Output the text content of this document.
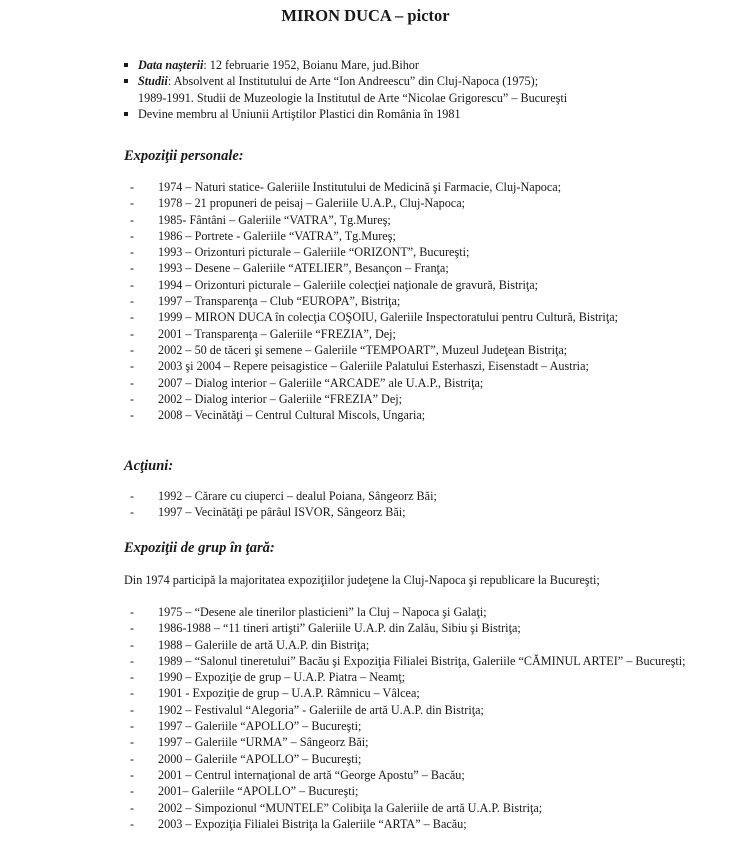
MIRON DUCA – pictor
Data naşterii: 12 februarie 1952, Boianu Mare, jud.Bihor
Studii: Absolvent al Institutului de Arte “Ion Andreescu” din Cluj-Napoca (1975);
1989-1991. Studii de Muzeologie la Institutul de Arte “Nicolae Grigorescu” – Bucureşti
Devine membru al Uniunii Artiştilor Plastici din România în 1981
Expoziţii personale:
- 1974 – Naturi statice- Galeriile Institutului de Medicină şi Farmacie, Cluj-Napoca;
- 1978 – 21 propuneri de peisaj – Galeriile U.A.P., Cluj-Napoca;
- 1985- Fântâni – Galeriile “VATRA”, Tg.Mureş;
- 1986 – Portrete - Galeriile “VATRA”, Tg.Mureş;
- 1993 – Orizonturi picturale – Galeriile “ORIZONT”, Bucureşti;
- 1993 – Desene – Galeriile “ATELIER”, Besançon – Franţa;
- 1994 – Orizonturi picturale – Galeriile colecţiei naţionale de gravură, Bistriţa;
- 1997 – Transparenţa – Club “EUROPA”, Bistriţa;
- 1999 – MIRON DUCA în colecţia COŞOIU, Galeriile Inspectoratului pentru Cultură, Bistriţa;
- 2001 – Transparenţa – Galeriile “FREZIA”, Dej;
- 2002 – 50 de tăceri şi semene – Galeriile “TEMPOART”, Muzeul Judeţean Bistriţa;
- 2003 şi 2004 – Repere peisagistice – Galeriile Palatului Esterhaszi, Eisenstadt – Austria;
- 2007 – Dialog interior – Galeriile “ARCADE” ale U.A.P., Bistriţa;
- 2002 – Dialog interior – Galeriile “FREZIA” Dej;
- 2008 – Vecinătăţi – Centrul Cultural Miscols, Ungaria;
Acţiuni:
- 1992 – Cărare cu ciuperci – dealul Poiana, Sângeorz Băi;
- 1997 – Vecinătăţi pe pârâul ISVOR, Sângeorz Băi;
Expoziţii de grup în ţară:
Din 1974 participă la majoritatea expoziţiilor judeţene la Cluj-Napoca şi republicare la Bucureşti;
- 1975 – “Desene ale tinerilor plasticieni” la Cluj – Napoca şi Galaţi;
- 1986-1988 – “11 tineri artişti” Galeriile U.A.P. din Zalău, Sibiu şi Bistriţa;
- 1988 – Galeriile de artă U.A.P. din Bistriţa;
- 1989 – “Salonul tineretului” Bacău şi Expoziţia Filialei Bistriţa, Galeriile “CĂMINUL ARTEI” – Bucureşti;
- 1990 – Expoziţie de grup – U.A.P. Piatra – Neamţ;
- 1901 - Expoziţie de grup – U.A.P. Râmnicu – Vâlcea;
- 1902 – Festivalul “Alegoria” - Galeriile de artă U.A.P. din Bistriţa;
- 1997 – Galeriile “APOLLO” – Bucureşti;
- 1997 – Galeriile “URMA” – Sângeorz Băi;
- 2000 – Galeriile “APOLLO” – Bucureşti;
- 2001 – Centrul internaţional de artă “George Apostu” – Bacău;
- 2001– Galeriile “APOLLO” – Bucureşti;
- 2002 – Simpozionul “MUNTELE” Colibiţa la Galeriile de artă U.A.P. Bistriţa;
- 2003 – Expoziţia Filialei Bistriţa la Galeriile “ARTA” – Bacău;
